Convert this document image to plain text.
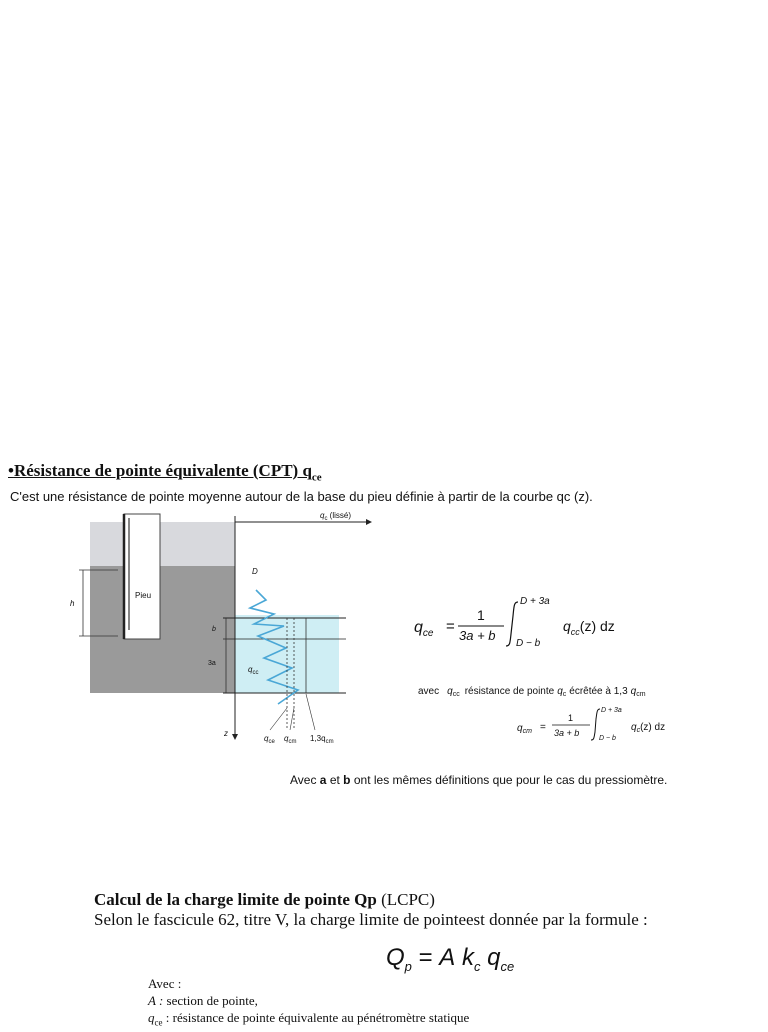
•Résistance de pointe équivalente (CPT) $q_{ce}$
C'est une résistance de pointe moyenne autour de la base du pieu définie à partir de la courbe qc (z).
Pieu
h
z
$q_c$ (lissé)
D
b
3a
$q_{cc}$
$q_{ce}$ $q_{cm}$ $1,3q_{cm}$
$q_{ce}$ =
1
3a + b
D + 3a
D − b
$q_{cc}(z)$ dz
avec $q_{cc}$ résistance de pointe $q_c$ écrêtée à 1,3 $q_{cm}$
$q_{cm}$ =
1
3a + b
D + 3a
D − b
$q_c(z)$ dz
Avec a et b ont les mêmes définitions que pour le cas du pressiomètre.
Calcul de la charge limite de pointe Qp (LCPC)
Selon le fascicule 62, titre V, la charge limite de pointeest donnée par la formule :
$Q_p = A$ $k_c$ $q_{ce}$
Avec :
A : section de pointe,
$q_{ce}$ : résistance de pointe équivalente au pénétromètre statique
